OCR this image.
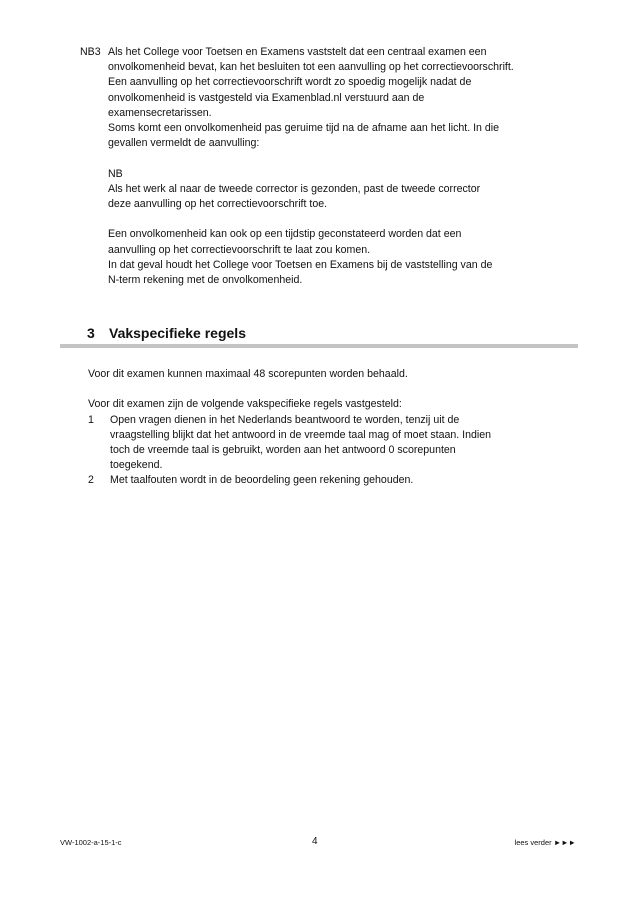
NB3 Als het College voor Toetsen en Examens vaststelt dat een centraal examen een
onvolkomenheid bevat, kan het besluiten tot een aanvulling op het correctievoorschrift.
Een aanvulling op het correctievoorschrift wordt zo spoedig mogelijk nadat de
onvolkomenheid is vastgesteld via Examenblad.nl verstuurd aan de
examensecretarissen.
Soms komt een onvolkomenheid pas geruime tijd na de afname aan het licht. In die
gevallen vermeldt de aanvulling:
NB
Als het werk al naar de tweede corrector is gezonden, past de tweede corrector
deze aanvulling op het correctievoorschrift toe.
Een onvolkomenheid kan ook op een tijdstip geconstateerd worden dat een
aanvulling op het correctievoorschrift te laat zou komen.
In dat geval houdt het College voor Toetsen en Examens bij de vaststelling van de
N-term rekening met de onvolkomenheid.
3 Vakspecifieke regels
Voor dit examen kunnen maximaal 48 scorepunten worden behaald.
Voor dit examen zijn de volgende vakspecifieke regels vastgesteld:
1	Open vragen dienen in het Nederlands beantwoord te worden, tenzij uit de
vraagstelling blijkt dat het antwoord in de vreemde taal mag of moet staan. Indien
toch de vreemde taal is gebruikt, worden aan het antwoord 0 scorepunten
toegekend.
2	Met taalfouten wordt in de beoordeling geen rekening gehouden.
VW-1002-a-15-1-c	4	lees verder ►►►
